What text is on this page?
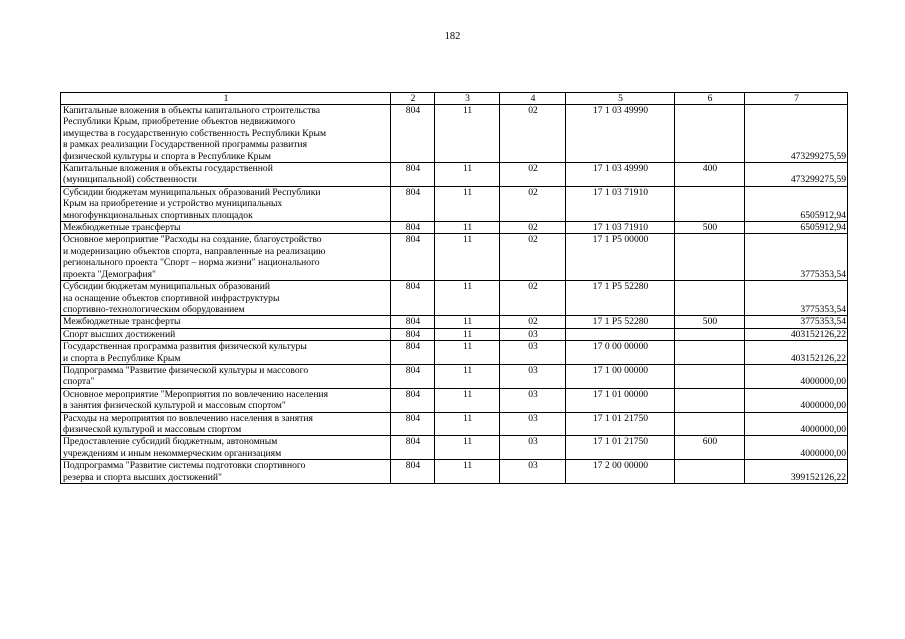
182
1	2	3	4	5	6	7

Капитальные вложения в объекты капитального строительства
Республики Крым, приобретение объектов недвижимого
имущества в государственную собственность Республики Крым
в рамках реализации Государственной программы развития
физической культуры и спорта в Республике Крым	804	11	02	17 1 03 49990		473299275,59

Капитальные вложения в объекты государственной
(муниципальной) собственности	804	11	02	17 1 03 49990	400	473299275,59

Субсидии бюджетам муниципальных образований Республики
Крым на приобретение и устройство муниципальных
многофункциональных спортивных площадок	804	11	02	17 1 03 71910		6505912,94

Межбюджетные трансферты	804	11	02	17 1 03 71910	500	6505912,94

Основное мероприятие "Расходы на создание, благоустройство
и модернизацию объектов спорта, направленные на реализацию
регионального проекта "Спорт – норма жизни" национального
проекта "Демография"	804	11	02	17 1 P5 00000		3775353,54

Субсидии бюджетам муниципальных образований
на оснащение объектов спортивной инфраструктуры
спортивно-технологическим оборудованием	804	11	02	17 1 P5 52280		3775353,54

Межбюджетные трансферты	804	11	02	17 1 P5 52280	500	3775353,54

Спорт высших достижений	804	11	03			403152126,22

Государственная программа развития физической культуры
и спорта в Республике Крым	804	11	03	17 0 00 00000		403152126,22

Подпрограмма "Развитие физической культуры и массового
спорта"	804	11	03	17 1 00 00000		4000000,00

Основное мероприятие "Мероприятия по вовлечению населения
в занятия физической культурой и массовым спортом"	804	11	03	17 1 01 00000		4000000,00

Расходы на мероприятия по вовлечению населения в занятия
физической культурой и массовым спортом	804	11	03	17 1 01 21750		4000000,00

Предоставление субсидий бюджетным, автономным
учреждениям и иным некоммерческим организациям	804	11	03	17 1 01 21750	600	4000000,00

Подпрограмма "Развитие системы подготовки спортивного
резерва и спорта высших достижений"	804	11	03	17 2 00 00000		399152126,22
